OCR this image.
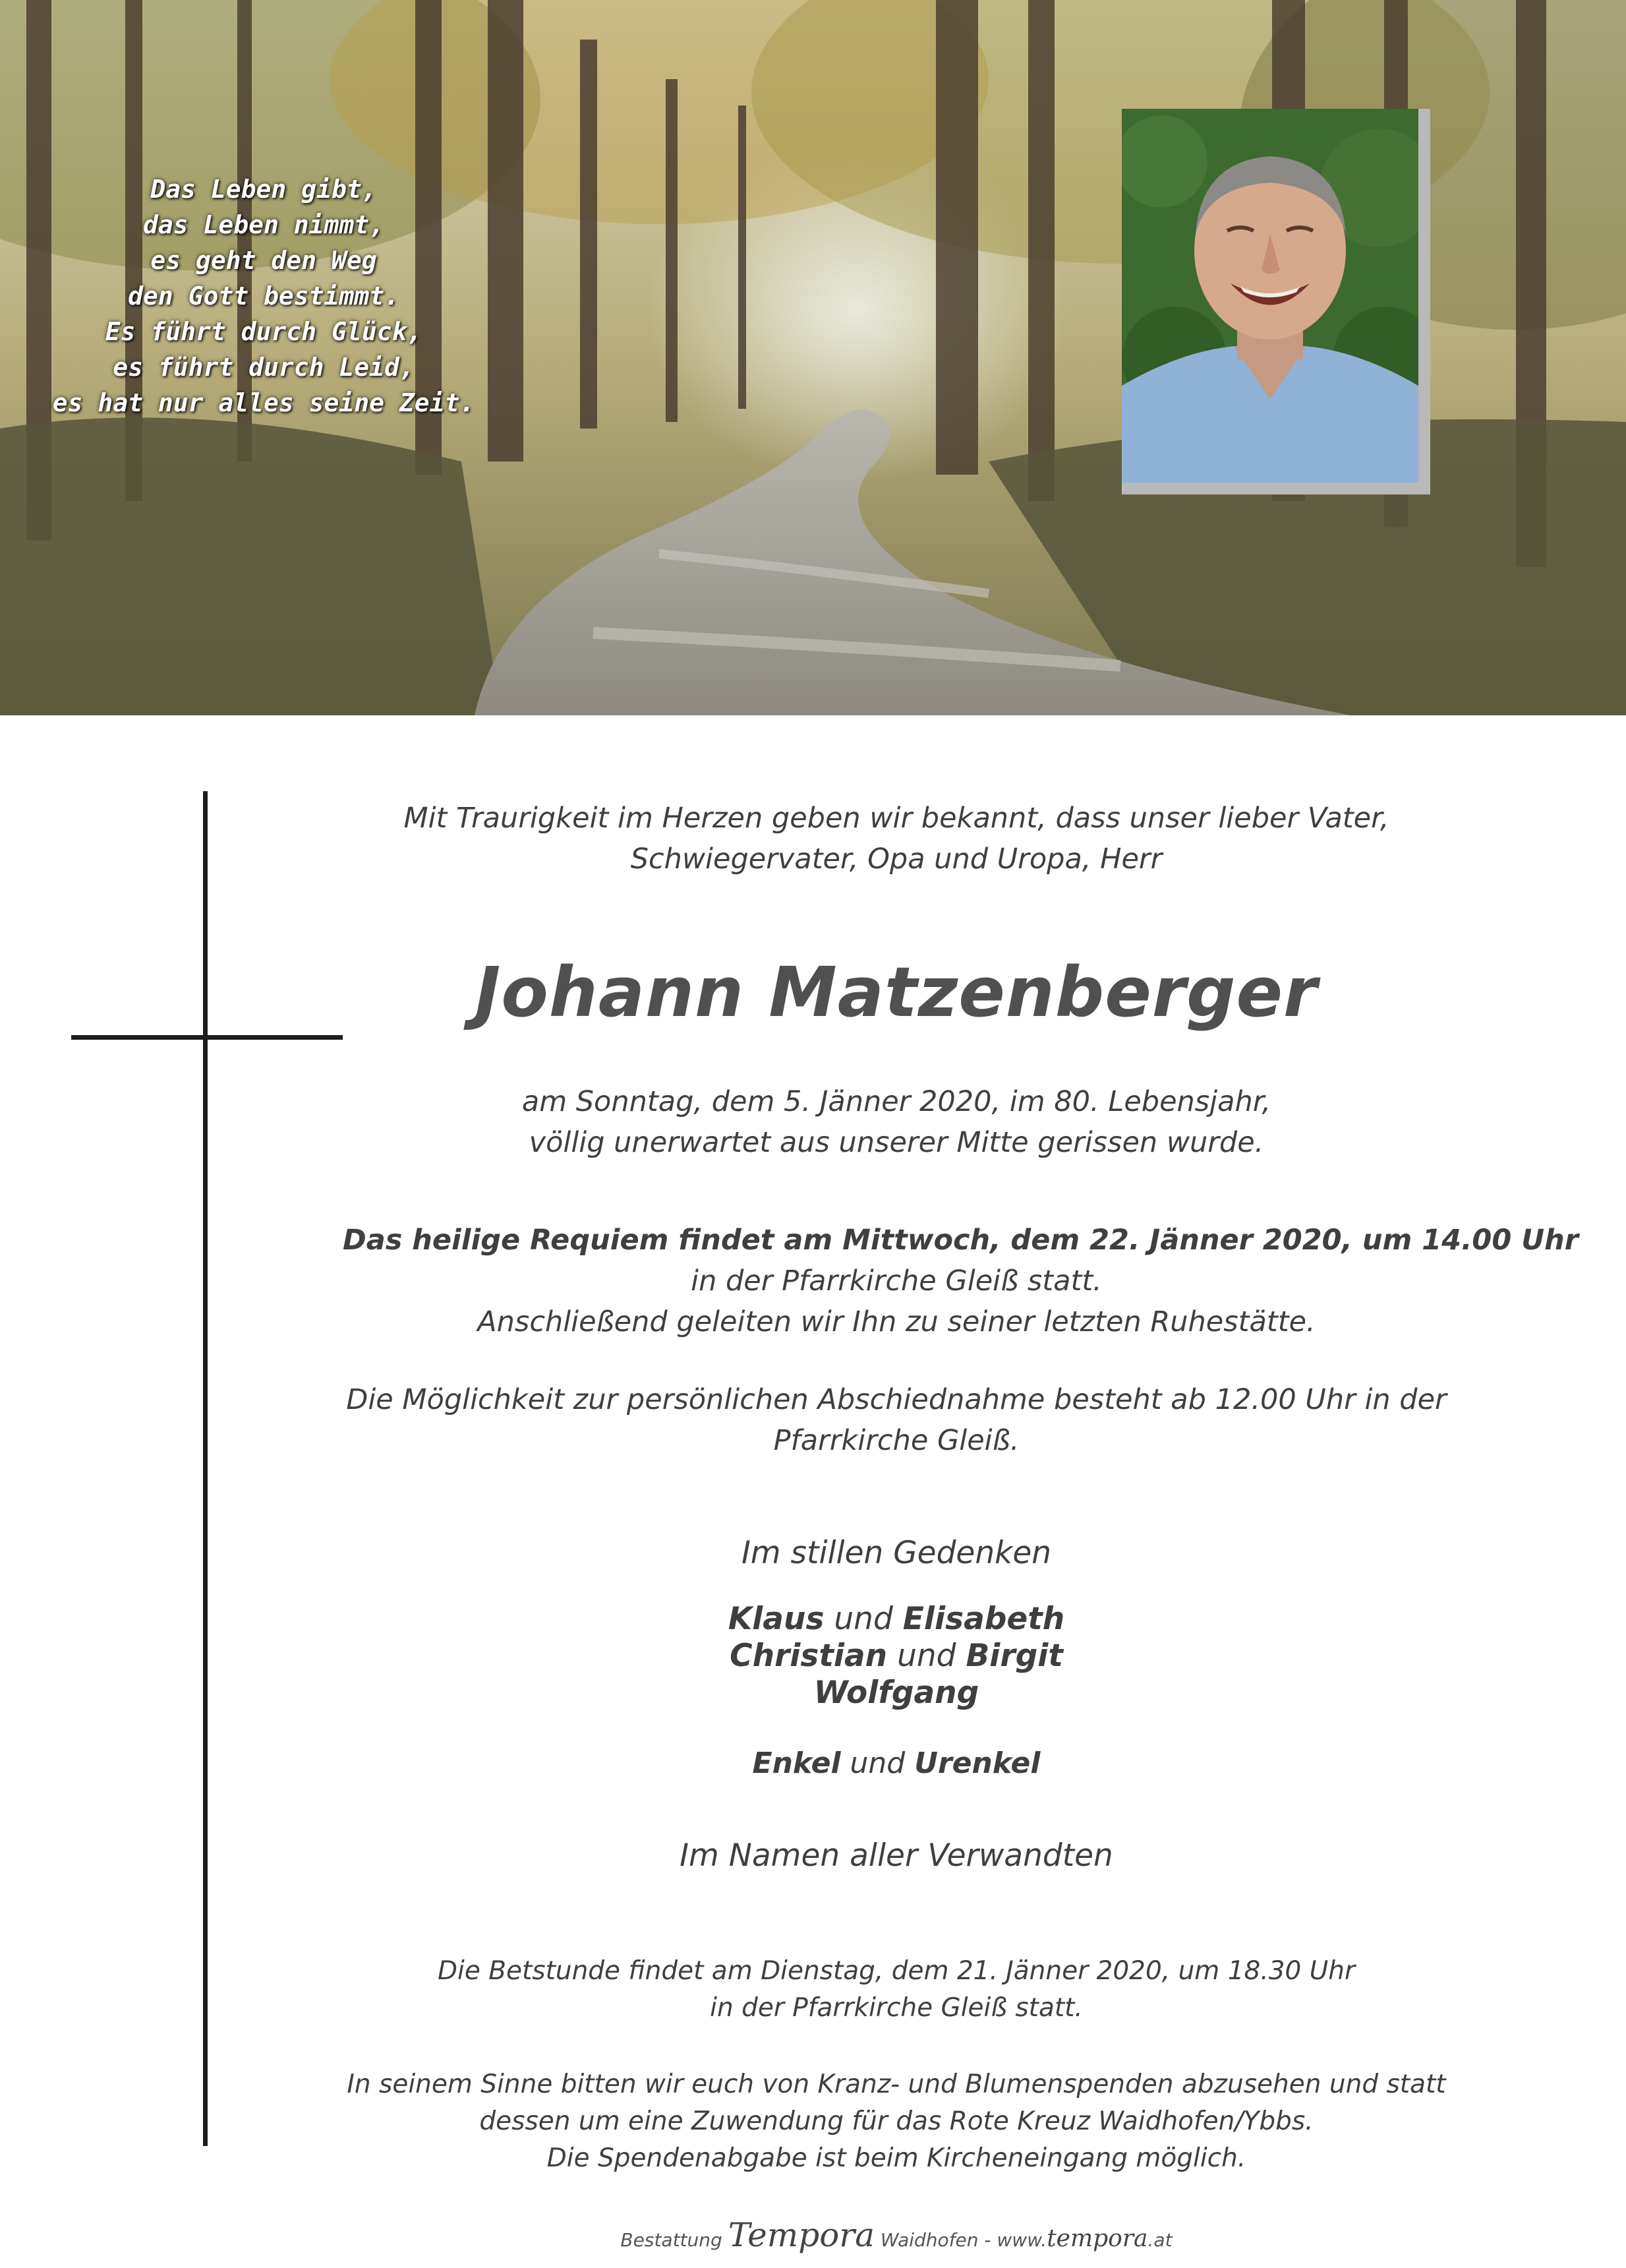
Das Leben gibt,
das Leben nimmt,
es geht den Weg
den Gott bestimmt.
Es führt durch Glück,
es führt durch Leid,
es hat nur alles seine Zeit.
Mit Traurigkeit im Herzen geben wir bekannt, dass unser lieber Vater,
Schwiegervater, Opa und Uropa, Herr
Johann Matzenberger
am Sonntag, dem 5. Jänner 2020, im 80. Lebensjahr,
völlig unerwartet aus unserer Mitte gerissen wurde.
Das heilige Requiem findet am Mittwoch, dem 22. Jänner 2020, um 14.00 Uhr
in der Pfarrkirche Gleiß statt.
Anschließend geleiten wir Ihn zu seiner letzten Ruhestätte.
Die Möglichkeit zur persönlichen Abschiednahme besteht ab 12.00 Uhr in der
Pfarrkirche Gleiß.
Im stillen Gedenken
Klaus und Elisabeth
Christian und Birgit
Wolfgang
Enkel und Urenkel
Im Namen aller Verwandten
Die Betstunde findet am Dienstag, dem 21. Jänner 2020, um 18.30 Uhr
in der Pfarrkirche Gleiß statt.
In seinem Sinne bitten wir euch von Kranz- und Blumenspenden abzusehen und statt
dessen um eine Zuwendung für das Rote Kreuz Waidhofen/Ybbs.
Die Spendenabgabe ist beim Kircheneingang möglich.
Bestattung Tempora Waidhofen - www.tempora.at
